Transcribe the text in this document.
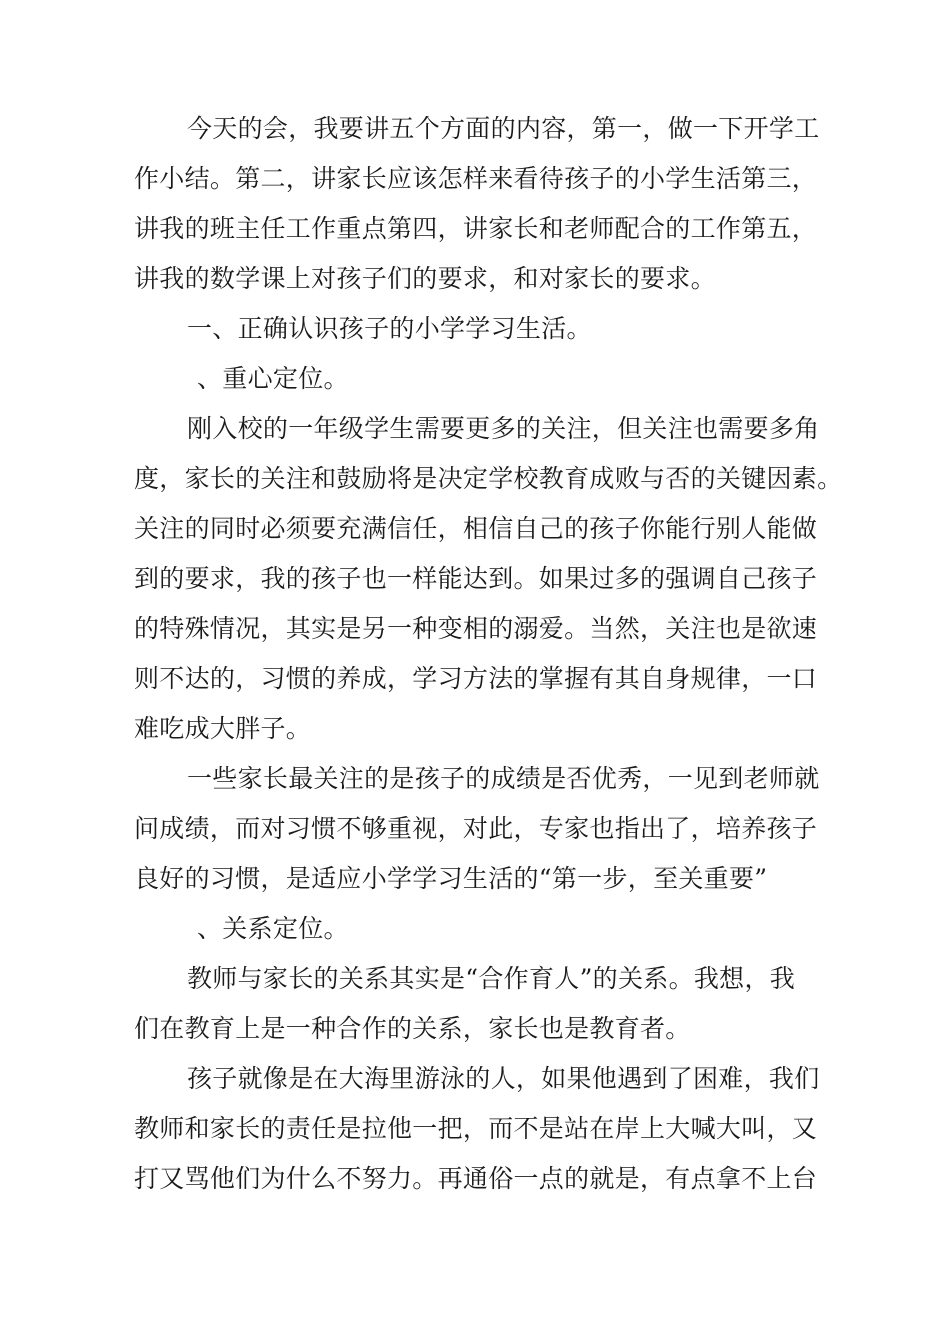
今天的会，我要讲五个方面的内容，第一，做一下开学工
作小结。第二，讲家长应该怎样来看待孩子的小学生活第三，
讲我的班主任工作重点第四，讲家长和老师配合的工作第五，
讲我的数学课上对孩子们的要求，和对家长的要求。
一、正确认识孩子的小学学习生活。
、重心定位。
刚入校的一年级学生需要更多的关注，但关注也需要多角
度，家长的关注和鼓励将是决定学校教育成败与否的关键因素。
关注的同时必须要充满信任，相信自己的孩子你能行别人能做
到的要求，我的孩子也一样能达到。如果过多的强调自己孩子
的特殊情况，其实是另一种变相的溺爱。当然，关注也是欲速
则不达的，习惯的养成，学习方法的掌握有其自身规律，一口
难吃成大胖子。
一些家长最关注的是孩子的成绩是否优秀，一见到老师就
问成绩，而对习惯不够重视，对此，专家也指出了，培养孩子
良好的习惯，是适应小学学习生活的“第一步，至关重要”
、关系定位。
教师与家长的关系其实是“合作育人”的关系。我想，我
们在教育上是一种合作的关系，家长也是教育者。
孩子就像是在大海里游泳的人，如果他遇到了困难，我们
教师和家长的责任是拉他一把，而不是站在岸上大喊大叫，又
打又骂他们为什么不努力。再通俗一点的就是，有点拿不上台
